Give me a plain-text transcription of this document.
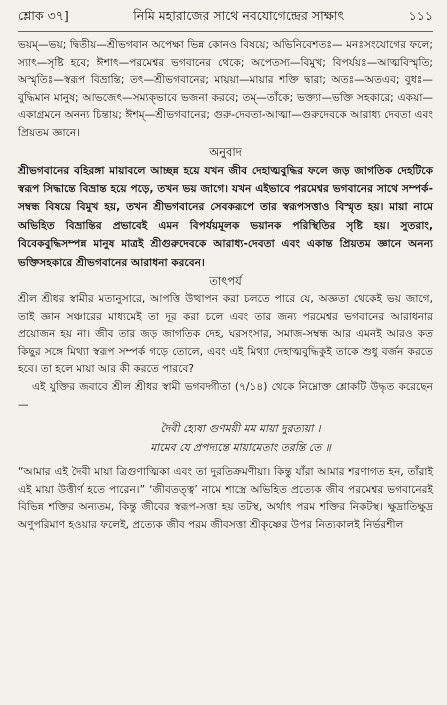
শ্লোক ৩৭]	নিমি মহারাজের সাথে নবযোগেন্দ্রের সাক্ষাৎ	১১১

ভয়ম্—ভয়; দ্বিতীয়—শ্রীভগবান অপেক্ষা ভিন্ন কোনও বিষয়ে; অভিনিবেশতঃ— মনঃসংযোগের ফলে; স্যাৎ—সৃষ্টি হবে; ঈশাৎ—পরমেশ্বর ভগবানের থেকে; অপেতস্য—বিমুখ; বিপর্যয়ঃ—আত্মবিস্মৃতি; অস্মৃতিঃ—স্বরূপ বিভ্রান্তি; তৎ—শ্রীভগবানের; মায়য়া—মায়ার শক্তি দ্বারা; অতঃ—অতএব; বুধঃ—বুদ্ধিমান মানুষ; আভজেৎ—সম্যক্ভাবে ভজনা করবে; তম্—তাঁকে; ভক্ত্যা—ভক্তি সহকারে; একয়া—একাগ্রমনে অনন্য চিন্তায়; ঈশম্—শ্রীভগবানের; গুরু-দেবতা-আত্মা—গুরুদেবকে আরাধ্য দেবতা এবং প্রিয়তম জ্ঞানে।

অনুবাদ

শ্রীভগবানের বহিরঙ্গা মায়াবলে আচ্ছন্ন হয়ে যখন জীব দেহাত্মবুদ্ধির ফলে জড় জাগতিক দেহটিকে স্বরূপ সিদ্ধান্তে বিভ্রান্ত হয়ে পড়ে, তখন ভয় জাগে। যখন এইভাবে পরমেশ্বর ভগবানের সাথে সম্পর্ক-সম্বন্ধ বিষয়ে বিমুখ হয়, তখন শ্রীভগবানের সেবকরূপে তার স্বরূপসত্তাও বিস্মৃত হয়। মায়া নামে অভিহিত বিভ্রান্তির প্রভাবেই এমন বিপর্যয়মূলক ভয়ানক পরিস্থিতির সৃষ্টি হয়। সুতরাং, বিবেকবুদ্ধিসম্পন্ন মানুষ মাত্রই শ্রীগুরুদেবকে আরাধ্য-দেবতা এবং একান্ত প্রিয়তম জ্ঞানে অনন্য ভক্তিসহকারে শ্রীভগবানের আরাধনা করবেন।

তাৎপর্য

শ্রীল শ্রীধর স্বামীর মতানুসারে, আপত্তি উত্থাপন করা চলতে পারে যে, অজ্ঞতা থেকেই ভয় জাগে, তাই জ্ঞান সঞ্চারের মাধ্যমেই তা দূর করা চলে এবং তার জন্য পরমেশ্বর ভগবানের আরাধনার প্রয়োজন হয় না। জীব তার জড় জাগতিক দেহ, ঘরসংসার, সমাজ-সম্বন্ধ আর এমনই আরও কত কিছুর সঙ্গে মিথ্যা স্বরূপ সম্পর্ক গড়ে তোলে, এবং এই মিথ্যা দেহাত্মবুদ্ধিকুই তাকে শুধু বর্জন করতে হবে। তা হলে মায়া আর কী করতে পারবে?

এই যুক্তির জবাবে শ্রীল শ্রীধর স্বামী ভগবদ্গীতা (৭/১৪) থেকে নিম্নোক্ত শ্লোকটি উদ্ধৃত করেছেন—

দৈবী হ্যেষা গুণময়ী মম মায়া দুরত্যয়া ।
মামেব যে প্রপদ্যন্তে মায়ামেতাং তরন্তি তে ॥

“আমার এই দৈবী মায়া ত্রিগুণাত্মিকা এবং তা দুরতিক্রমণীয়া। কিন্তু যাঁরা আমার শরণাগত হন, তাঁরাই এই মায়া উত্তীর্ণ হতে পারেন।” ‘জীবতত্ত্ব’ নামে শাস্ত্রে অভিহিত প্রত্যেক জীব পরমেশ্বর ভগবানেরই বিভিন্ন শক্তির অন্যতম, কিন্তু জীবের স্বরূপ-সত্তা হয় তটস্থ, অর্থাৎ পরম শক্তির নিকটস্থ। ক্ষুদ্রাতিক্ষুদ্র অণুপরিমাণ হওয়ার ফলেই, প্রত্যেক জীব পরম জীবসত্তা শ্রীকৃষ্ণের উপর নিত্যকালই নির্ভরশীল
